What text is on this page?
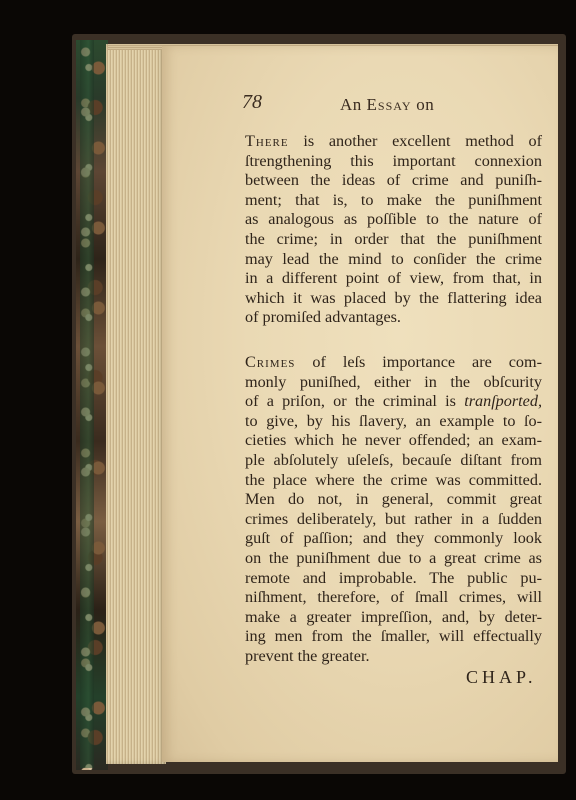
78	An Essay on
There is another excellent method of
ſtrengthening this important connexion
between the ideas of crime and puniſh-
ment; that is, to make the puniſhment
as analogous as poſſible to the nature of
the crime; in order that the puniſhment
may lead the mind to conſider the crime
in a different point of view, from that, in
which it was placed by the flattering idea
of promiſed advantages.
Crimes of leſs importance are com-
monly puniſhed, either in the obſcurity
of a priſon, or the criminal is tranſported,
to give, by his ſlavery, an example to ſo-
cieties which he never offended; an exam-
ple abſolutely uſeleſs, becauſe diſtant from
the place where the crime was committed.
Men do not, in general, commit great
crimes deliberately, but rather in a ſudden
guſt of paſſion; and they commonly look
on the puniſhment due to a great crime as
remote and improbable. The public pu-
niſhment, therefore, of ſmall crimes, will
make a greater impreſſion, and, by deter-
ing men from the ſmaller, will effectually
prevent the greater.
CHAP.
